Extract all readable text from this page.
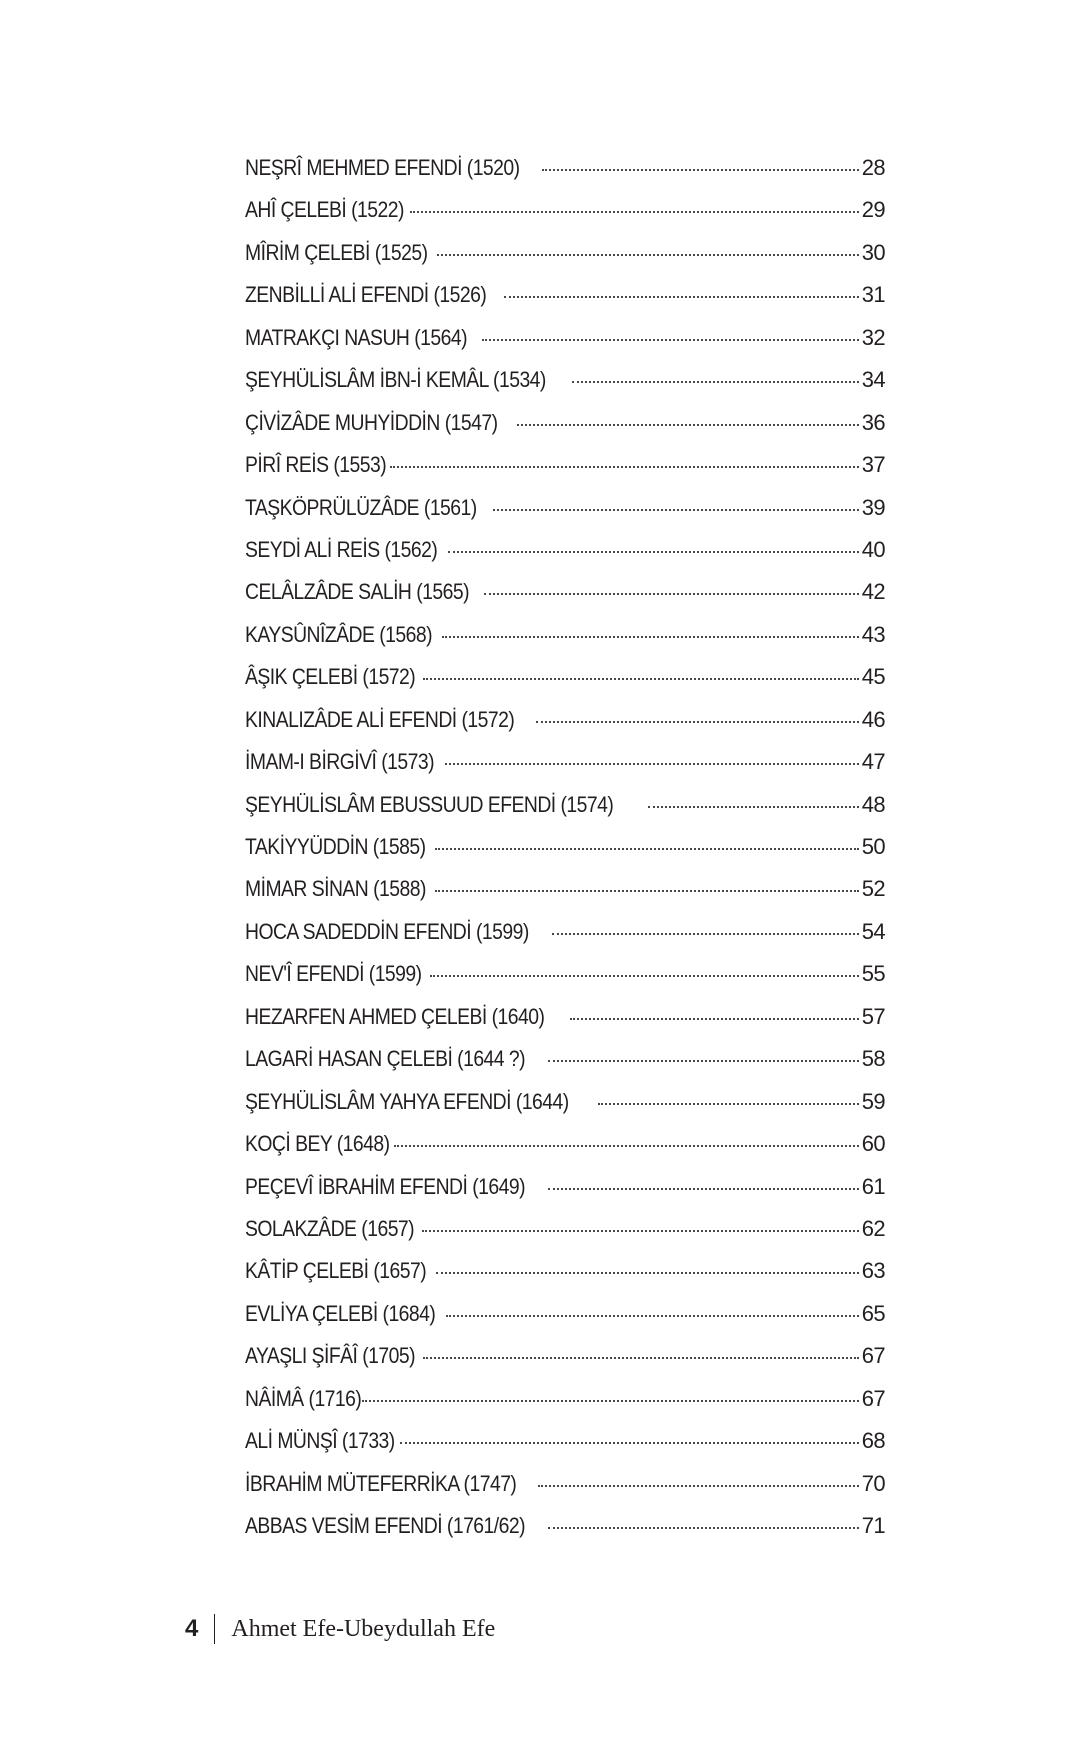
NEŞRÎ MEHMED EFENDİ (1520)	28
AHÎ ÇELEBİ (1522)	29
MÎRİM ÇELEBİ (1525)	30
ZENBİLLİ ALİ EFENDİ (1526)	31
MATRAKÇI NASUH (1564)	32
ŞEYHÜLİSLÂM İBN-İ KEMÂL (1534)	34
ÇİVİZÂDE MUHYİDDİN (1547)	36
PİRÎ REİS (1553)	37
TAŞKÖPRÜLÜZÂDE (1561)	39
SEYDİ ALİ REİS (1562)	40
CELÂLZÂDE SALİH (1565)	42
KAYSÛNÎZÂDE (1568)	43
ÂŞIK ÇELEBİ (1572)	45
KINALIZÂDE ALİ EFENDİ (1572)	46
İMAM-I BİRGİVÎ (1573)	47
ŞEYHÜLİSLÂM EBUSSUUD EFENDİ (1574)	48
TAKİYYÜDDİN (1585)	50
MİMAR SİNAN (1588)	52
HOCA SADEDDİN EFENDİ (1599)	54
NEV'Î EFENDİ (1599)	55
HEZARFEN AHMED ÇELEBİ (1640)	57
LAGARİ HASAN ÇELEBİ (1644 ?)	58
ŞEYHÜLİSLÂM YAHYA EFENDİ (1644)	59
KOÇİ BEY (1648)	60
PEÇEVÎ İBRAHİM EFENDİ (1649)	61
SOLAKZÂDE (1657)	62
KÂTİP ÇELEBİ (1657)	63
EVLİYA ÇELEBİ (1684)	65
AYAŞLI ŞİFÂÎ (1705)	67
NÂİMÂ (1716)	67
ALİ MÜNŞÎ (1733)	68
İBRAHİM MÜTEFERRİKA (1747)	70
ABBAS VESİM EFENDİ (1761/62)	71
4 Ahmet Efe-Ubeydullah Efe
